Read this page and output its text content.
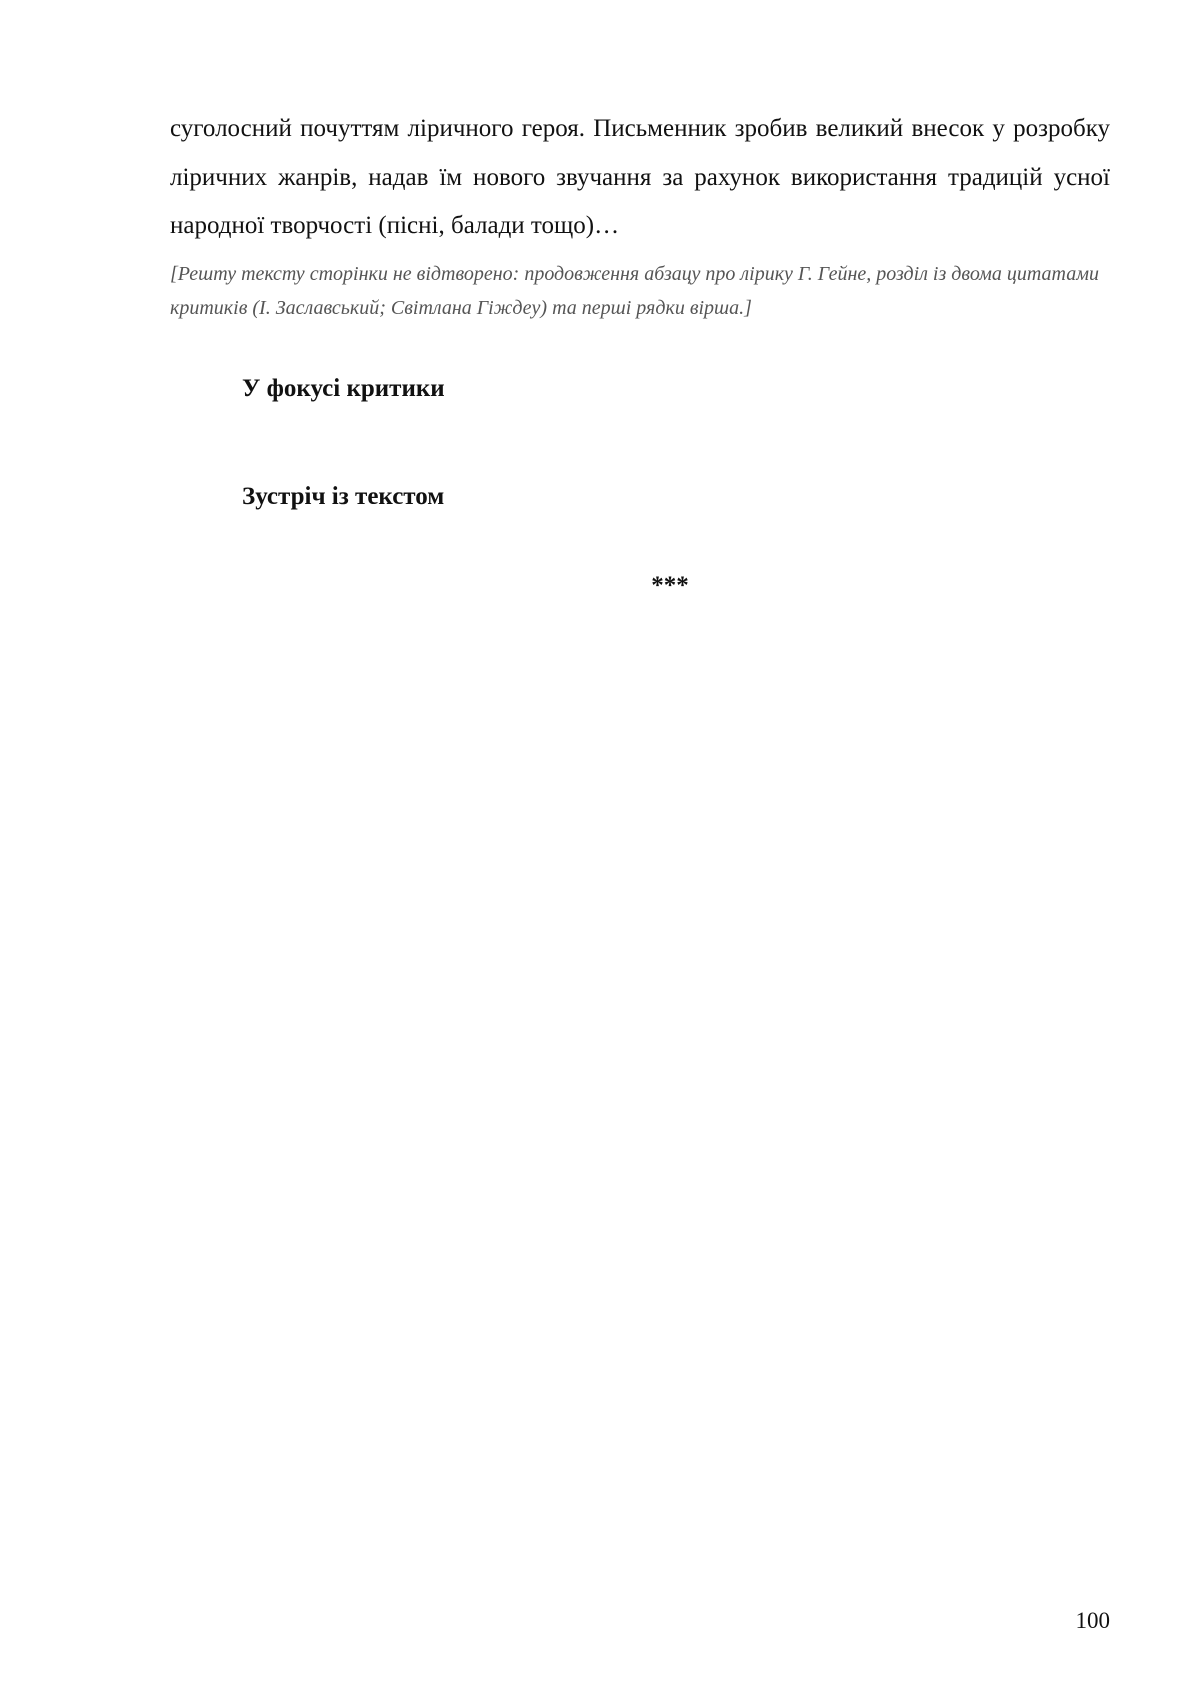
суголосний почуттям ліричного героя. Письменник зробив великий внесок у розробку ліричних жанрів, надав їм нового звучання за рахунок використання традицій усної народної творчості (пісні, балади тощо)…

[Решту тексту сторінки не відтворено: продовження абзацу про лірику Г. Гейне, розділ із двома цитатами критиків (І. Заславський; Світлана Гіждеу) та перші рядки вірша.]

У фокусі критики

Зустріч із текстом

***

100
